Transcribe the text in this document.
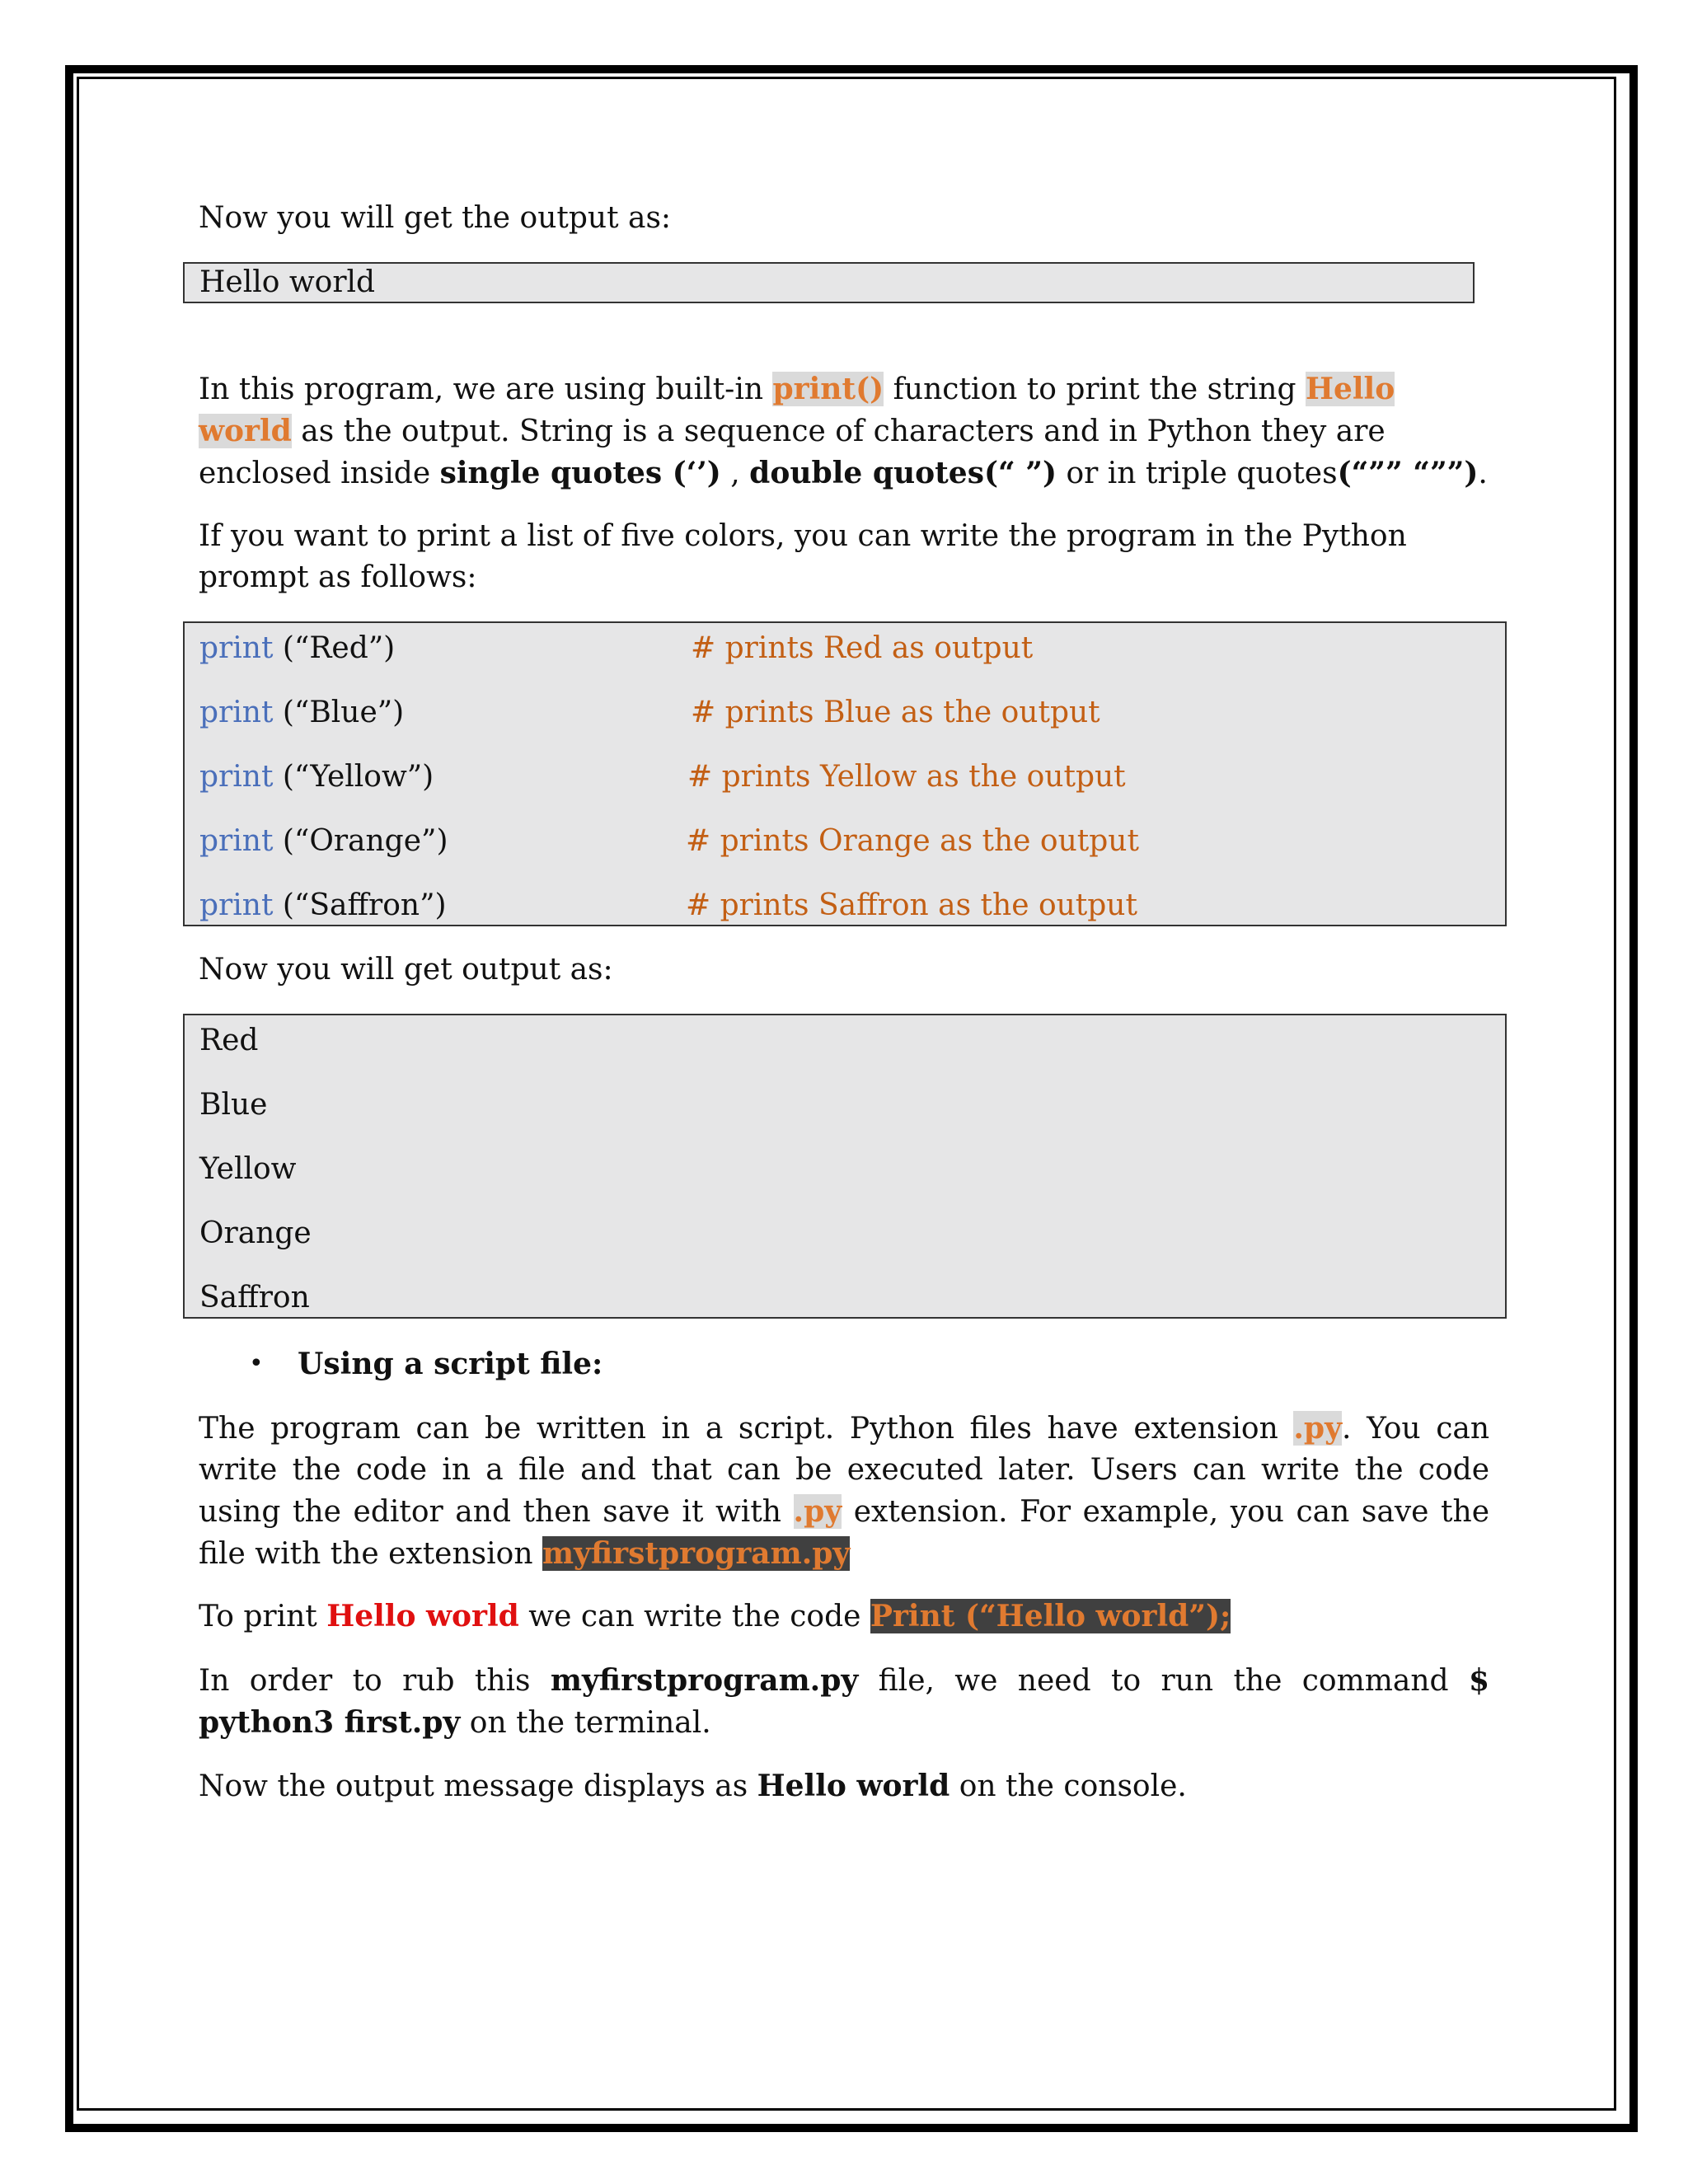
Now you will get the output as:
Hello world
In this program, we are using built-in print() function to print the string Hello world as the output. String is a sequence of characters and in Python they are enclosed inside single quotes (‘’) , double quotes(“ ”) or in triple quotes(“”” “””).
If you want to print a list of five colors, you can write the program in the Python prompt as follows:
print (“Red”)	# prints Red as output
print (“Blue”)	# prints Blue as the output
print (“Yellow”)	# prints Yellow as the output
print (“Orange”)	# prints Orange as the output
print (“Saffron”)	# prints Saffron as the output
Now you will get output as:
Red
Blue
Yellow
Orange
Saffron
• Using a script file:
The program can be written in a script. Python files have extension .py. You can write the code in a file and that can be executed later. Users can write the code using the editor and then save it with .py extension. For example, you can save the file with the extension myfirstprogram.py
To print Hello world we can write the code Print (“Hello world”);
In order to rub this myfirstprogram.py file, we need to run the command $ python3 first.py on the terminal.
Now the output message displays as Hello world on the console.
